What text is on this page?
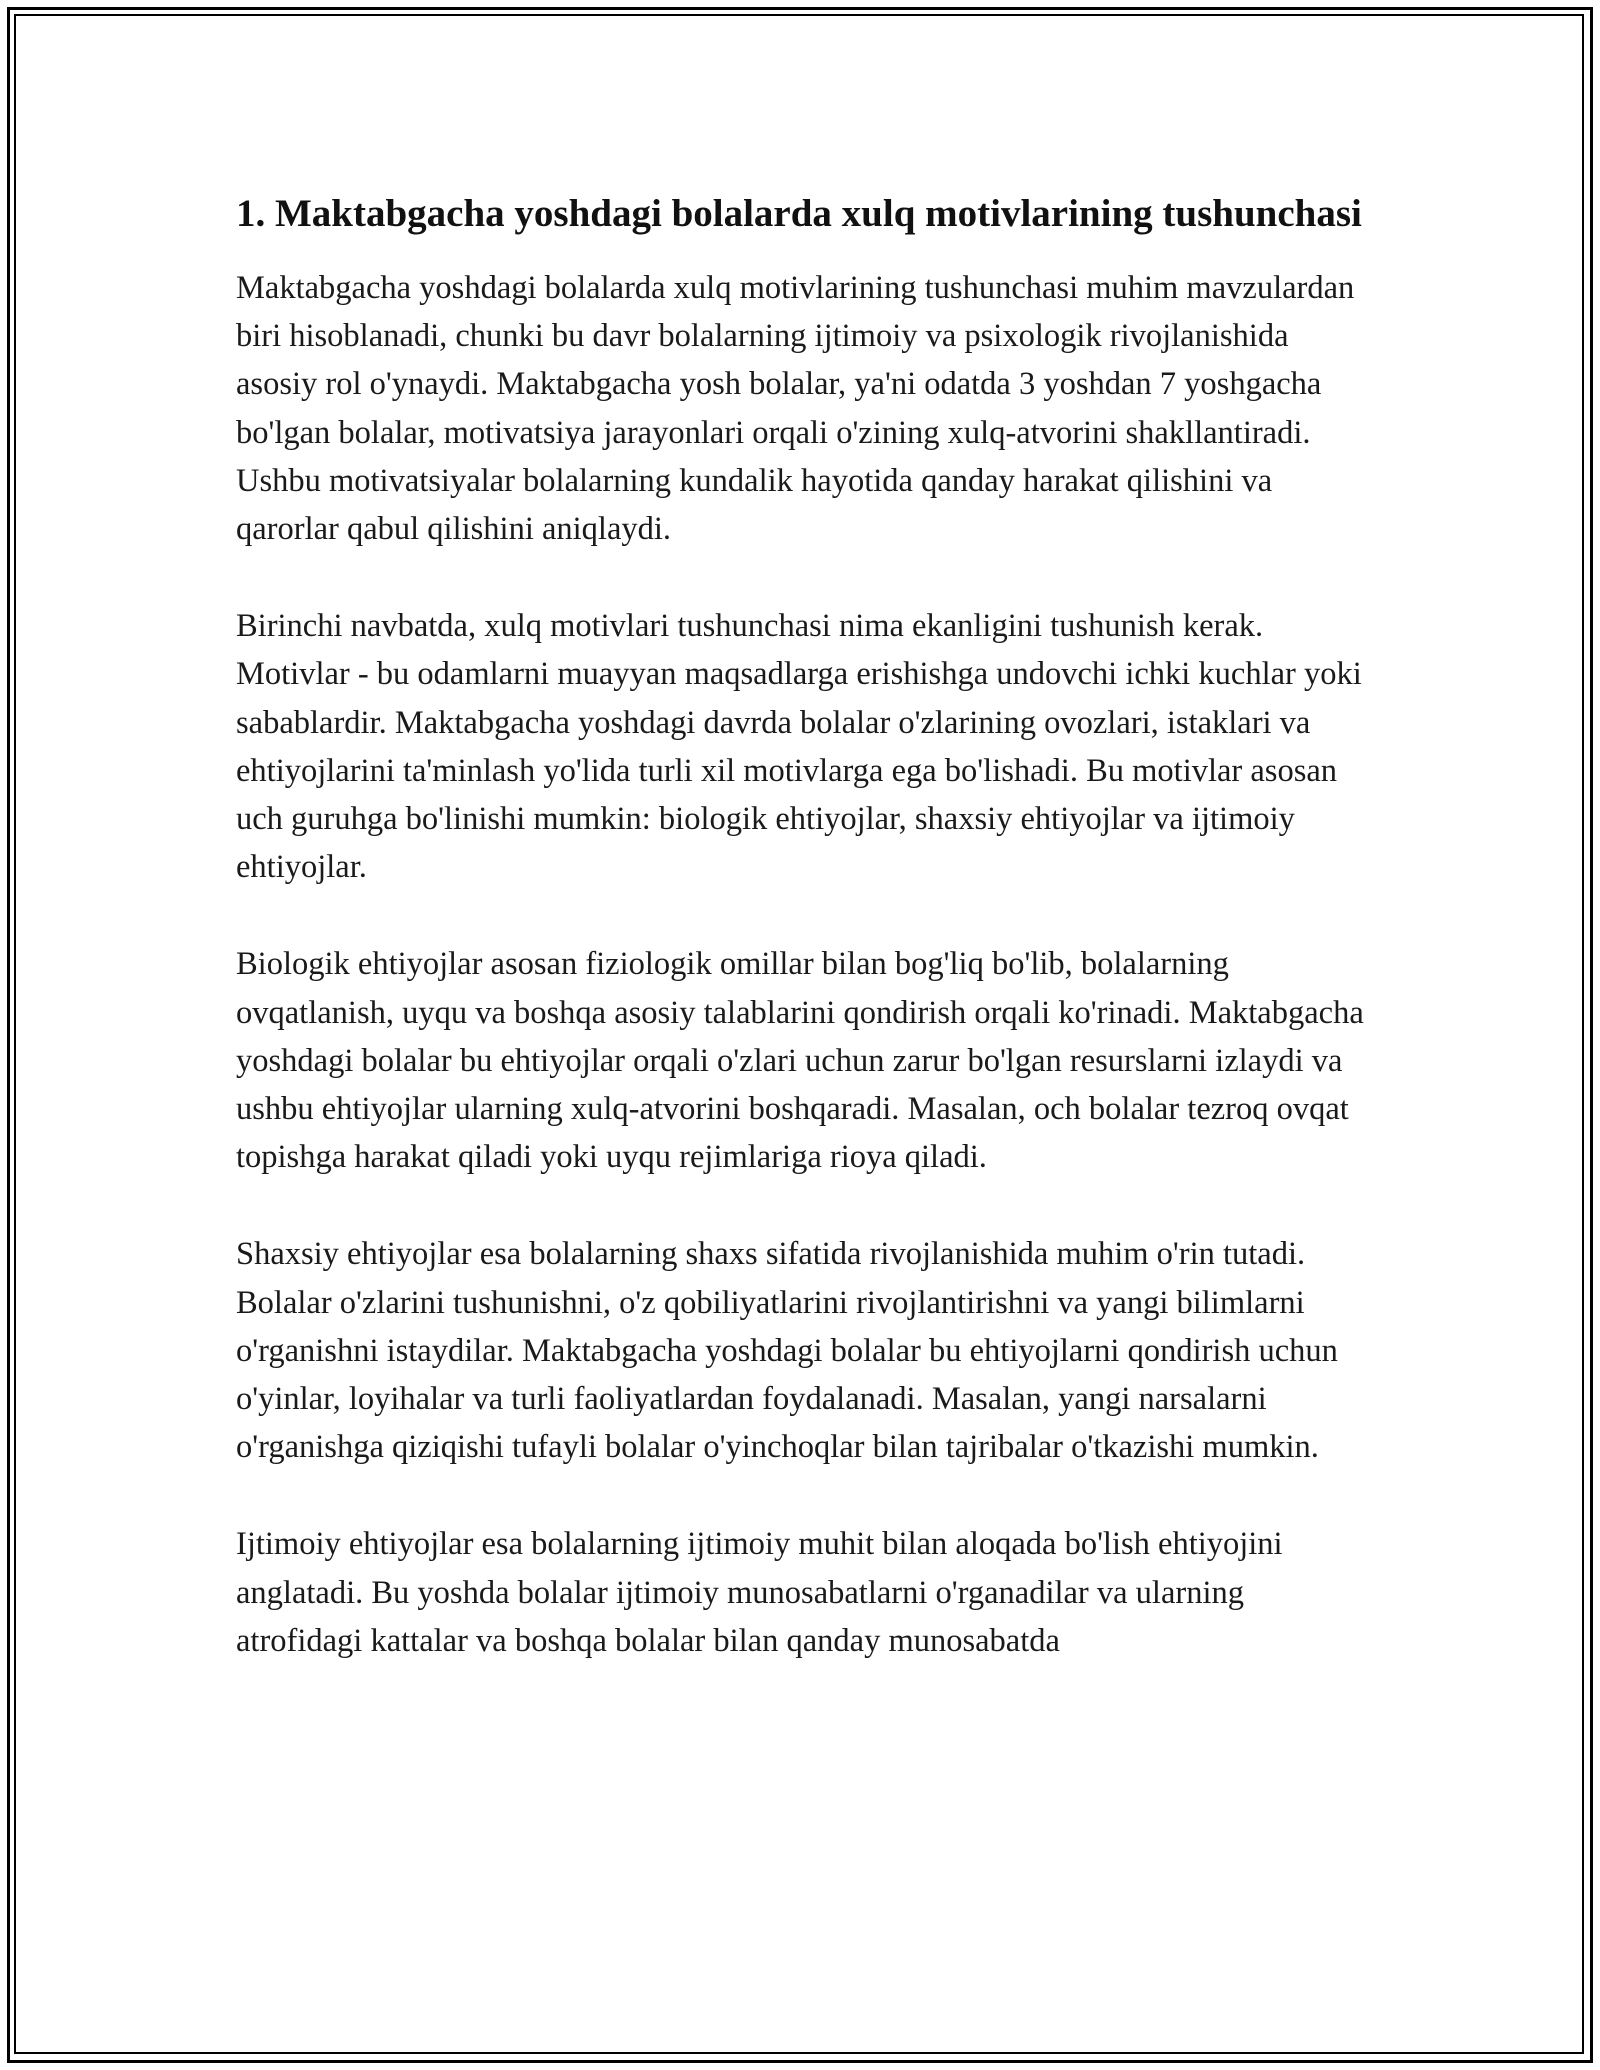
1. Maktabgacha yoshdagi bolalarda xulq motivlarining tushunchasi

Maktabgacha yoshdagi bolalarda xulq motivlarining tushunchasi muhim mavzulardan biri hisoblanadi, chunki bu davr bolalarning ijtimoiy va psixologik rivojlanishida asosiy rol o'ynaydi. Maktabgacha yosh bolalar, ya'ni odatda 3 yoshdan 7 yoshgacha bo'lgan bolalar, motivatsiya jarayonlari orqali o'zining xulq-atvorini shakllantiradi. Ushbu motivatsiyalar bolalarning kundalik hayotida qanday harakat qilishini va qarorlar qabul qilishini aniqlaydi.

Birinchi navbatda, xulq motivlari tushunchasi nima ekanligini tushunish kerak. Motivlar - bu odamlarni muayyan maqsadlarga erishishga undovchi ichki kuchlar yoki sabablardir. Maktabgacha yoshdagi davrda bolalar o'zlarining ovozlari, istaklari va ehtiyojlarini ta'minlash yo'lida turli xil motivlarga ega bo'lishadi. Bu motivlar asosan uch guruhga bo'linishi mumkin: biologik ehtiyojlar, shaxsiy ehtiyojlar va ijtimoiy ehtiyojlar.

Biologik ehtiyojlar asosan fiziologik omillar bilan bog'liq bo'lib, bolalarning ovqatlanish, uyqu va boshqa asosiy talablarini qondirish orqali ko'rinadi. Maktabgacha yoshdagi bolalar bu ehtiyojlar orqali o'zlari uchun zarur bo'lgan resurslarni izlaydi va ushbu ehtiyojlar ularning xulq-atvorini boshqaradi. Masalan, och bolalar tezroq ovqat topishga harakat qiladi yoki uyqu rejimlariga rioya qiladi.

Shaxsiy ehtiyojlar esa bolalarning shaxs sifatida rivojlanishida muhim o'rin tutadi. Bolalar o'zlarini tushunishni, o'z qobiliyatlarini rivojlantirishni va yangi bilimlarni o'rganishni istaydilar. Maktabgacha yoshdagi bolalar bu ehtiyojlarni qondirish uchun o'yinlar, loyihalar va turli faoliyatlardan foydalanadi. Masalan, yangi narsalarni o'rganishga qiziqishi tufayli bolalar o'yinchoqlar bilan tajribalar o'tkazishi mumkin.

Ijtimoiy ehtiyojlar esa bolalarning ijtimoiy muhit bilan aloqada bo'lish ehtiyojini anglatadi. Bu yoshda bolalar ijtimoiy munosabatlarni o'rganadilar va ularning atrofidagi kattalar va boshqa bolalar bilan qanday munosabatda
